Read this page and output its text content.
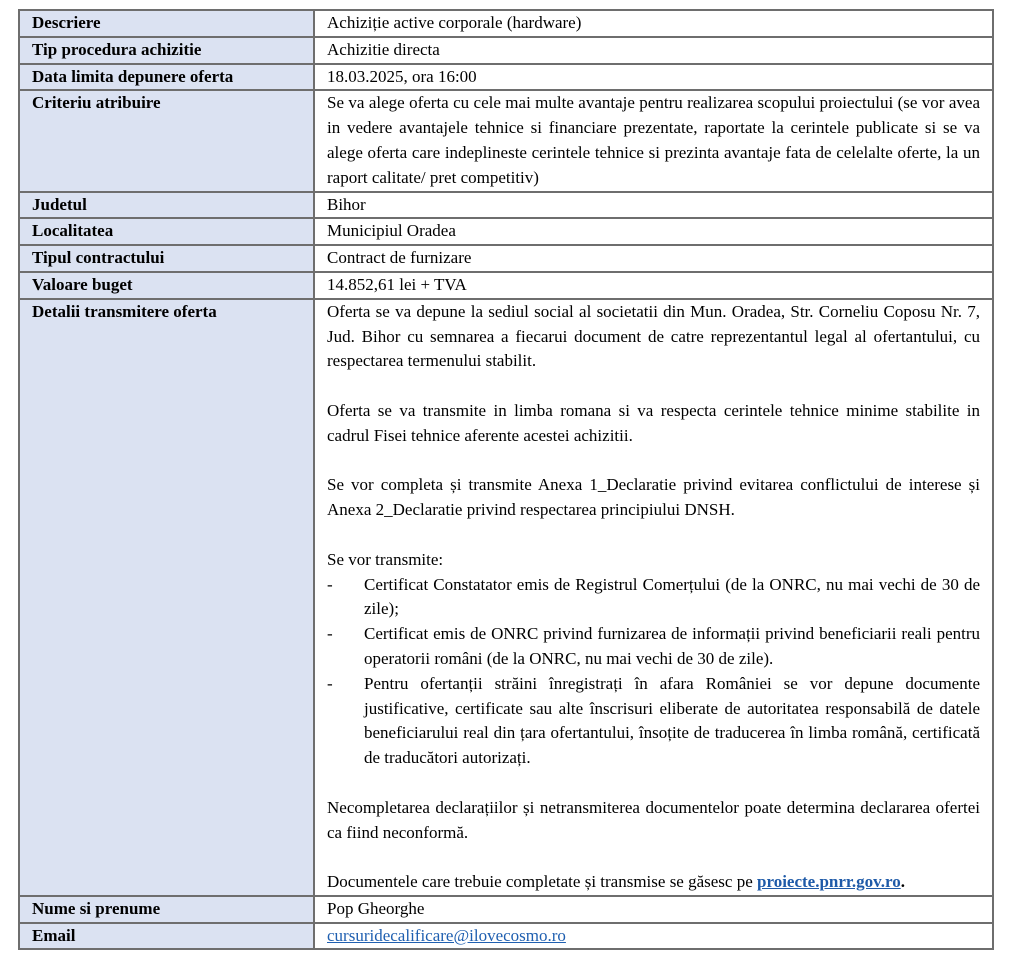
Descriere	Achiziție active corporale (hardware)
Tip procedura achizitie	Achizitie directa
Data limita depunere oferta	18.03.2025, ora 16:00
Criteriu atribuire	Se va alege oferta cu cele mai multe avantaje pentru realizarea scopului proiectului (se vor avea in vedere avantajele tehnice si financiare prezentate, raportate la cerintele publicate si se va alege oferta care indeplineste cerintele tehnice si prezinta avantaje fata de celelalte oferte, la un raport calitate/ pret competitiv)
Judetul	Bihor
Localitatea	Municipiul Oradea
Tipul contractului	Contract de furnizare
Valoare buget	14.852,61 lei + TVA
Detalii transmitere oferta	Oferta se va depune la sediul social al societatii din Mun. Oradea, Str. Corneliu Coposu Nr. 7, Jud. Bihor cu semnarea a fiecarui document de catre reprezentantul legal al ofertantului, cu respectarea termenului stabilit.

Oferta se va transmite in limba romana si va respecta cerintele tehnice minime stabilite in cadrul Fisei tehnice aferente acestei achizitii.

Se vor completa și transmite Anexa 1_Declaratie privind evitarea conflictului de interese și Anexa 2_Declaratie privind respectarea principiului DNSH.

Se vor transmite:

-	Certificat Constatator emis de Registrul Comerțului (de la ONRC, nu mai vechi de 30 de zile);
-	Certificat emis de ONRC privind furnizarea de informații privind beneficiarii reali pentru operatorii români (de la ONRC, nu mai vechi de 30 de zile).
-	Pentru ofertanții străini înregistrați în afara României se vor depune documente justificative, certificate sau alte înscrisuri eliberate de autoritatea responsabilă de datele beneficiarului real din țara ofertantului, însoțite de traducerea în limba română, certificată de traducători autorizați.

Necompletarea declarațiilor și netransmiterea documentelor poate determina declararea ofertei ca fiind neconformă.

Documentele care trebuie completate și transmise se găsesc pe proiecte.pnrr.gov.ro.

Nume si prenume	Pop Gheorghe
Email	cursuridecalificare@ilovecosmo.ro
